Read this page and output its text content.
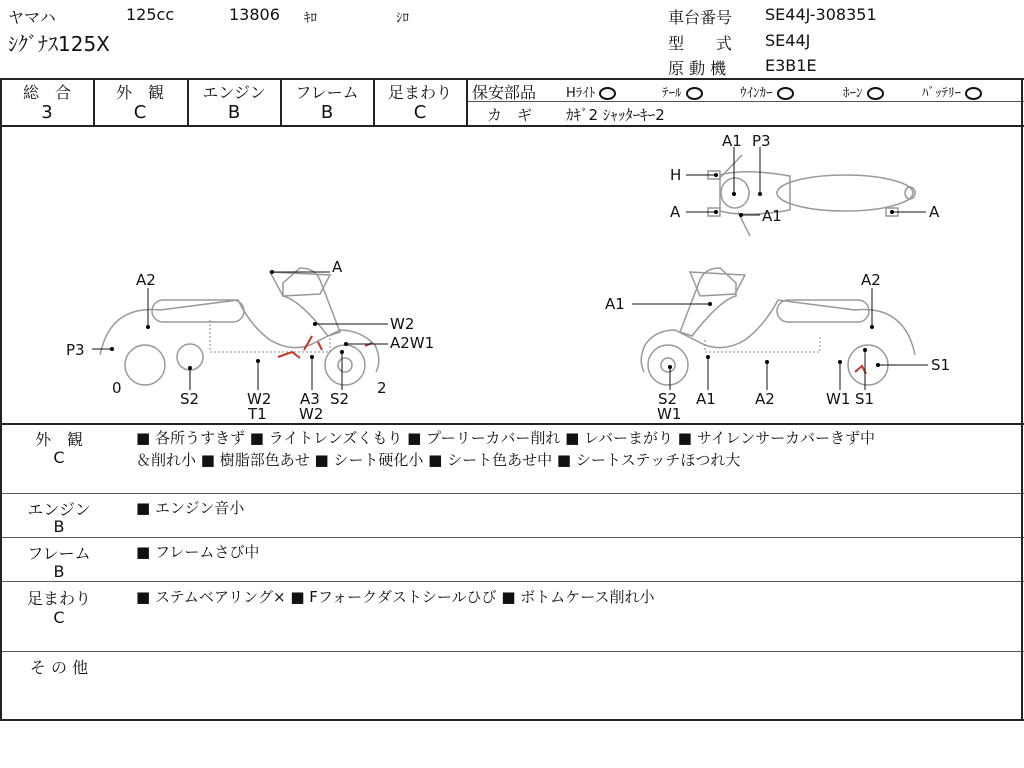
ヤマハ	125cc	13806 ｷﾛ	ｼﾛ
ｼｸﾞﾅｽ125X
車台番号 SE44J-308351
型　　式 SE44J
原 動 機 E3B1E
総　合
3
外　観
C
エンジン
B
フレーム
B
足まわり
C
保安部品 Hﾗｲﾄ	ﾃｰﾙ	ｳｲﾝｶｰ	ﾎｰﾝ	ﾊﾞｯﾃﾘｰ
カ　ギ ｶｷﾞ2 ｼｬｯﾀｰｷｰ2
A1 P3
H
A	A1	A
A2
A
W2
A2W1
P3
0
S2	W2
T1
A3
W2
S2
2
A1
A2
S1
S2
W1
A1	A2	W1 S1
外　観
C
■ 各所うすきず ■ ライトレンズくもり ■ プーリーカバー削れ ■ レバーまがり ■ サイレンサーカバーきず中
＆削れ小 ■ 樹脂部色あせ ■ シート硬化小 ■ シート色あせ中 ■ シートステッチほつれ大
エンジン
B
■ エンジン音小
フレーム
B
■ フレームさび中
足まわり
C
■ ステムベアリング× ■ Fフォークダストシールひび ■ ボトムケース削れ小
そ の 他
